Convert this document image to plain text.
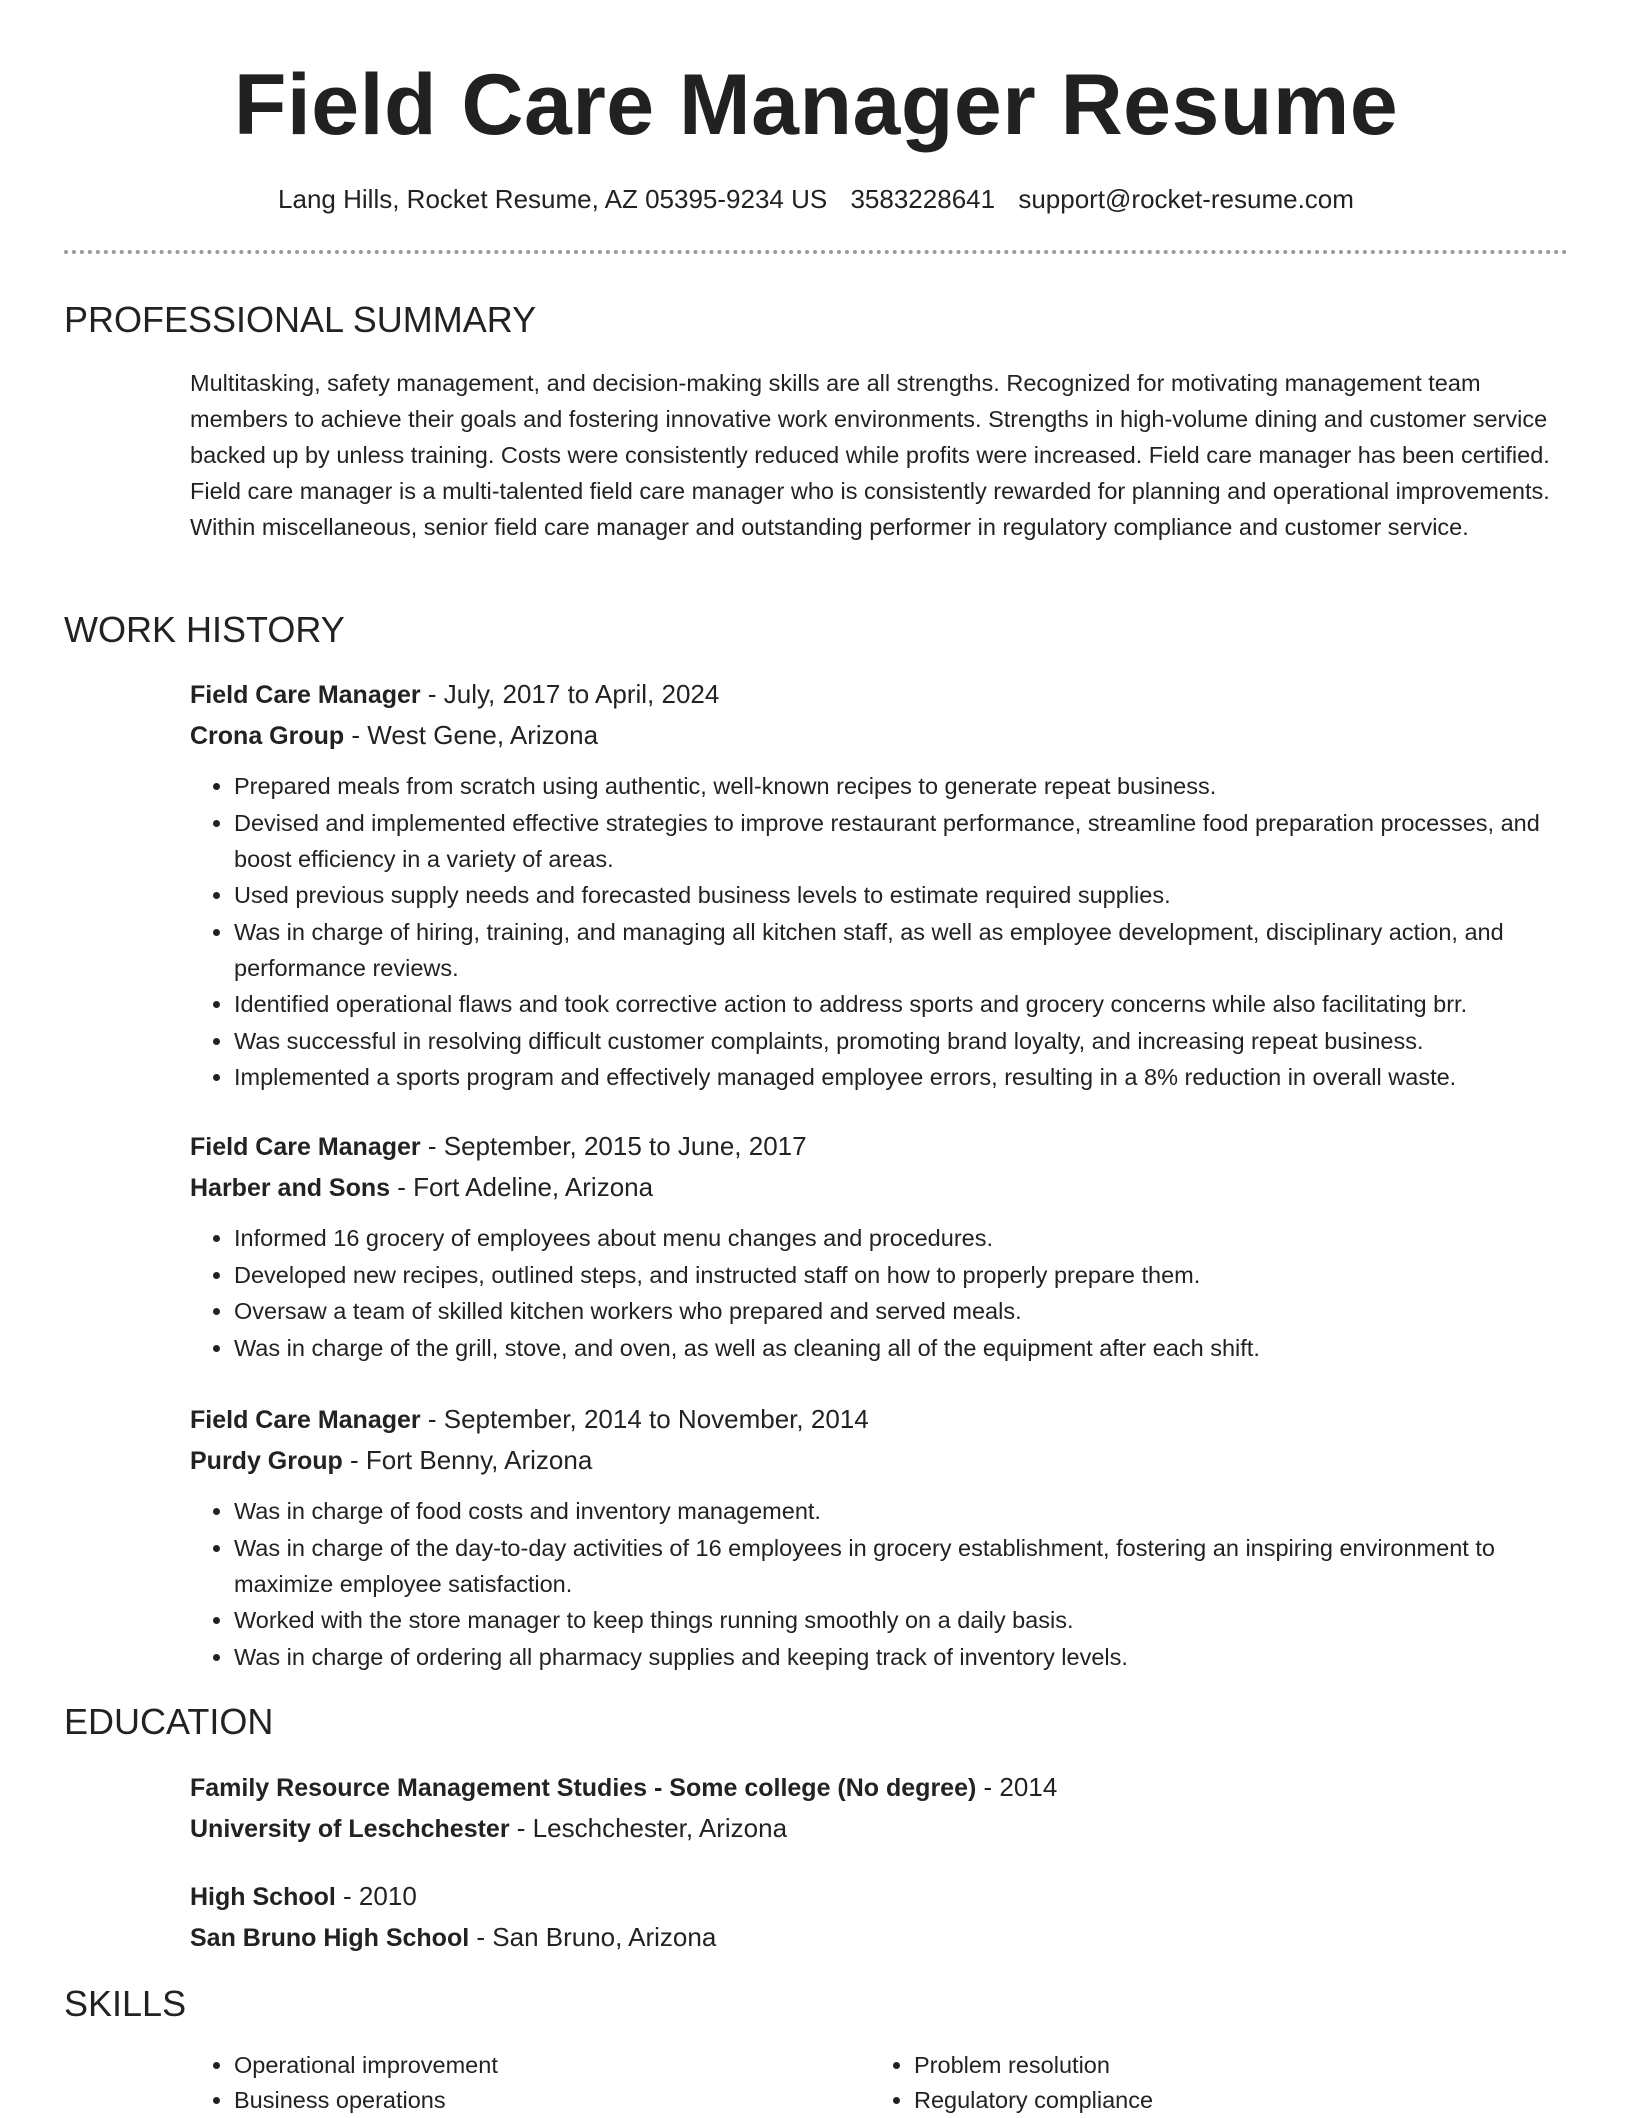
Field Care Manager Resume
Lang Hills, Rocket Resume, AZ 05395-9234 US 3583228641 support@rocket-resume.com
PROFESSIONAL SUMMARY

Multitasking, safety management, and decision-making skills are all strengths. Recognized for motivating management team members to achieve their goals and fostering innovative work environments. Strengths in high-volume dining and customer service backed up by unless training. Costs were consistently reduced while profits were increased. Field care manager has been certified. Field care manager is a multi-talented field care manager who is consistently rewarded for planning and operational improvements. Within miscellaneous, senior field care manager and outstanding performer in regulatory compliance and customer service.

WORK HISTORY
Field Care Manager - July, 2017 to April, 2024
Crona Group - West Gene, Arizona
• Prepared meals from scratch using authentic, well-known recipes to generate repeat business.
• Devised and implemented effective strategies to improve restaurant performance, streamline food preparation processes, and boost efficiency in a variety of areas.
• Used previous supply needs and forecasted business levels to estimate required supplies.
• Was in charge of hiring, training, and managing all kitchen staff, as well as employee development, disciplinary action, and performance reviews.
• Identified operational flaws and took corrective action to address sports and grocery concerns while also facilitating brr.
• Was successful in resolving difficult customer complaints, promoting brand loyalty, and increasing repeat business.
• Implemented a sports program and effectively managed employee errors, resulting in a 8% reduction in overall waste.
Field Care Manager - September, 2015 to June, 2017
Harber and Sons - Fort Adeline, Arizona
• Informed 16 grocery of employees about menu changes and procedures.
• Developed new recipes, outlined steps, and instructed staff on how to properly prepare them.
• Oversaw a team of skilled kitchen workers who prepared and served meals.
• Was in charge of the grill, stove, and oven, as well as cleaning all of the equipment after each shift.
Field Care Manager - September, 2014 to November, 2014
Purdy Group - Fort Benny, Arizona
• Was in charge of food costs and inventory management.
• Was in charge of the day-to-day activities of 16 employees in grocery establishment, fostering an inspiring environment to maximize employee satisfaction.
• Worked with the store manager to keep things running smoothly on a daily basis.
• Was in charge of ordering all pharmacy supplies and keeping track of inventory levels.
EDUCATION
Family Resource Management Studies - Some college (No degree) - 2014
University of Leschchester - Leschchester, Arizona
High School - 2010
San Bruno High School - San Bruno, Arizona
SKILLS
• Operational improvement
• Business operations
• Problem resolution
• Regulatory compliance
